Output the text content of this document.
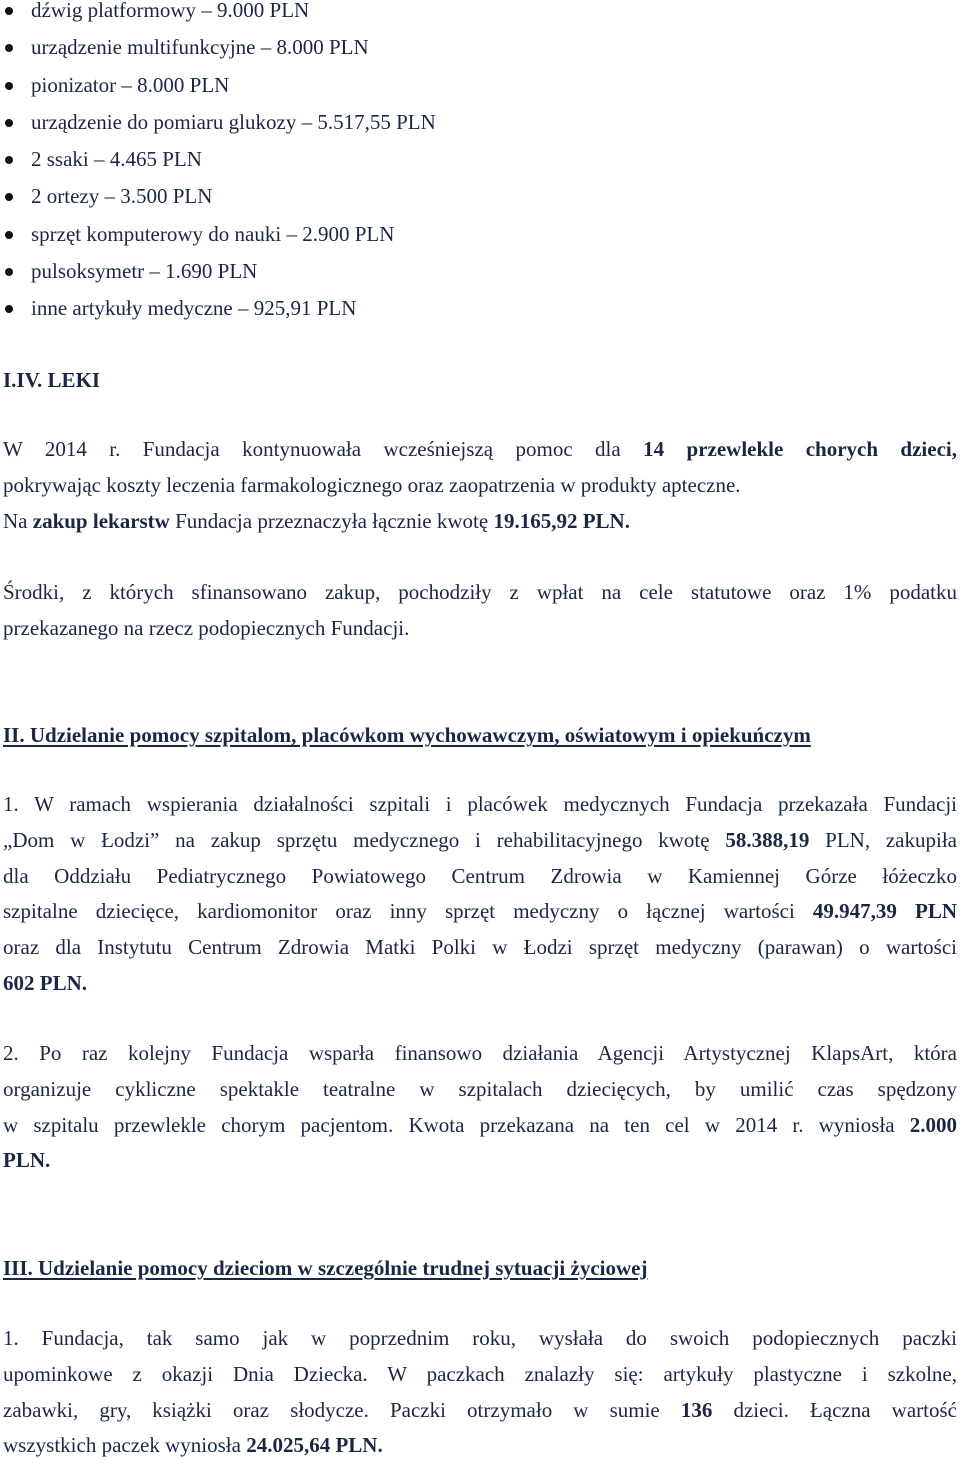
dźwig platformowy – 9.000 PLN
urządzenie multifunkcyjne – 8.000 PLN
pionizator – 8.000 PLN
urządzenie do pomiaru glukozy – 5.517,55 PLN
2 ssaki – 4.465 PLN
2 ortezy – 3.500 PLN
sprzęt komputerowy do nauki – 2.900 PLN
pulsoksymetr – 1.690 PLN
inne artykuły medyczne – 925,91 PLN
I.IV. LEKI
W 2014 r. Fundacja kontynuowała wcześniejszą pomoc dla 14 przewlekle chorych dzieci,
pokrywając koszty leczenia farmakologicznego oraz zaopatrzenia w produkty apteczne.
Na zakup lekarstw Fundacja przeznaczyła łącznie kwotę 19.165,92 PLN.
Środki, z których sfinansowano zakup, pochodziły z wpłat na cele statutowe oraz 1% podatku
przekazanego na rzecz podopiecznych Fundacji.
II. Udzielanie pomocy szpitalom, placówkom wychowawczym, oświatowym i opiekuńczym
1. W ramach wspierania działalności szpitali i placówek medycznych Fundacja przekazała Fundacji
„Dom w Łodzi” na zakup sprzętu medycznego i rehabilitacyjnego kwotę 58.388,19 PLN, zakupiła
dla Oddziału Pediatrycznego Powiatowego Centrum Zdrowia w Kamiennej Górze łóżeczko
szpitalne dziecięce, kardiomonitor oraz inny sprzęt medyczny o łącznej wartości 49.947,39 PLN
oraz dla Instytutu Centrum Zdrowia Matki Polki w Łodzi sprzęt medyczny (parawan) o wartości
602 PLN.
2. Po raz kolejny Fundacja wsparła finansowo działania Agencji Artystycznej KlapsArt, która
organizuje cykliczne spektakle teatralne w szpitalach dziecięcych, by umilić czas spędzony
w szpitalu przewlekle chorym pacjentom. Kwota przekazana na ten cel w 2014 r. wyniosła 2.000
PLN.
III. Udzielanie pomocy dzieciom w szczególnie trudnej sytuacji życiowej
1. Fundacja, tak samo jak w poprzednim roku, wysłała do swoich podopiecznych paczki
upominkowe z okazji Dnia Dziecka. W paczkach znalazły się: artykuły plastyczne i szkolne,
zabawki, gry, książki oraz słodycze. Paczki otrzymało w sumie 136 dzieci. Łączna wartość
wszystkich paczek wyniosła 24.025,64 PLN.
